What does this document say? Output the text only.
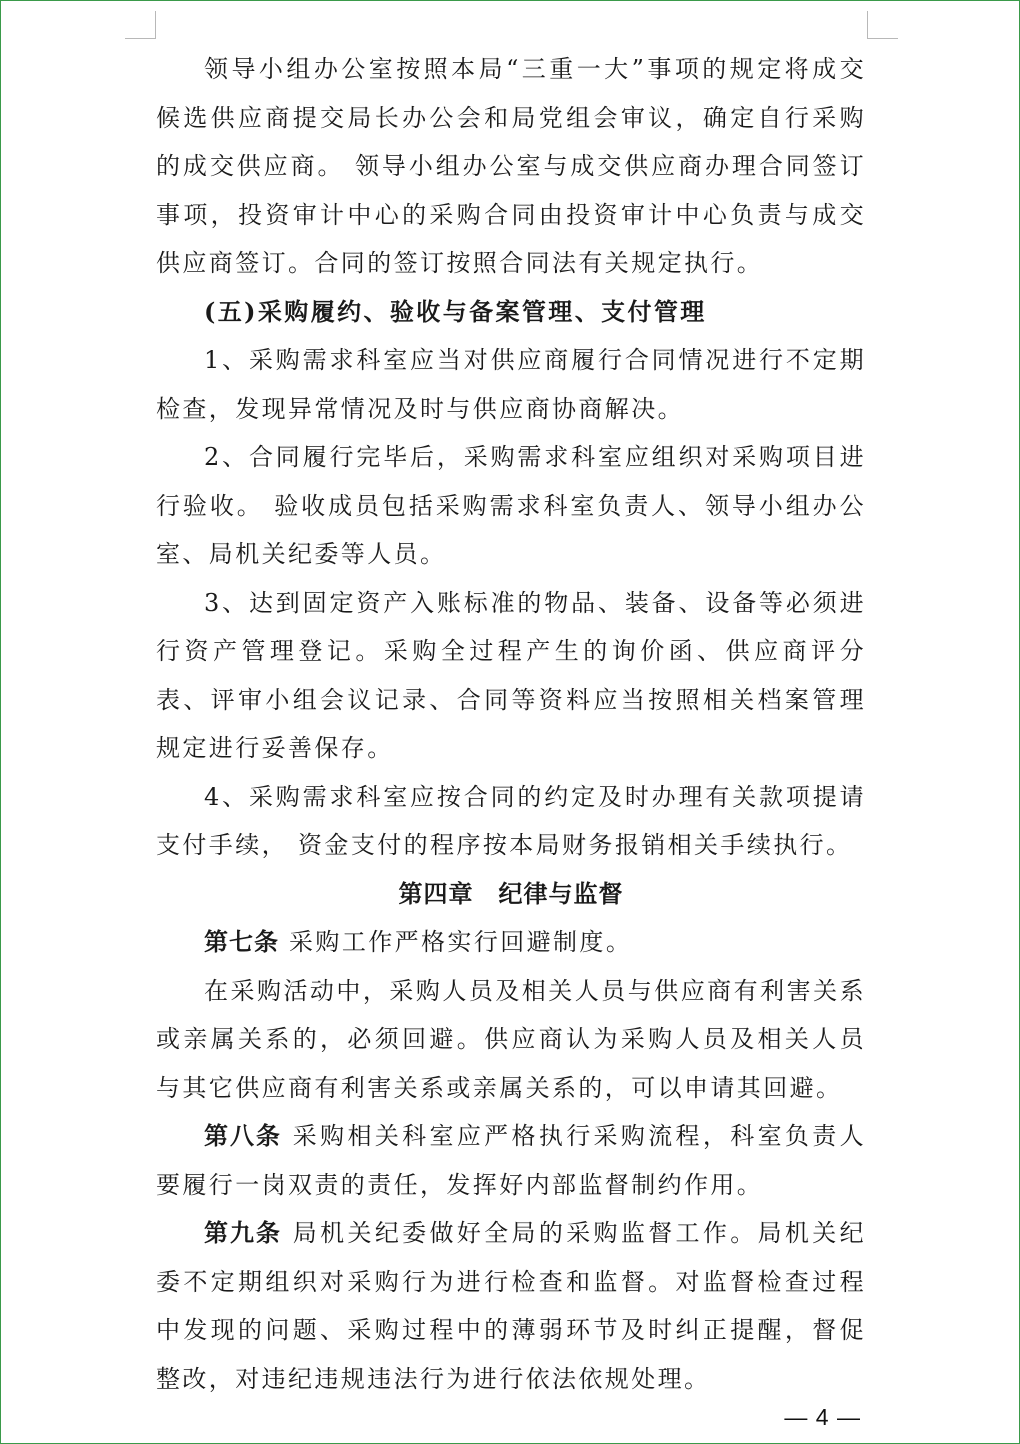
领导小组办公室按照本局“三重一大”事项的规定将成交候选供应商提交局长办公会和局党组会审议，确定自行采购的成交供应商。 领导小组办公室与成交供应商办理合同签订事项，投资审计中心的采购合同由投资审计中心负责与成交供应商签订。合同的签订按照合同法有关规定执行。

(五)采购履约、验收与备案管理、支付管理

1、采购需求科室应当对供应商履行合同情况进行不定期检查，发现异常情况及时与供应商协商解决。

2、合同履行完毕后，采购需求科室应组织对采购项目进行验收。 验收成员包括采购需求科室负责人、领导小组办公室、局机关纪委等人员。

3、达到固定资产入账标准的物品、装备、设备等必须进行资产管理登记。采购全过程产生的询价函、供应商评分表、评审小组会议记录、合同等资料应当按照相关档案管理规定进行妥善保存。

4、采购需求科室应按合同的约定及时办理有关款项提请支付手续， 资金支付的程序按本局财务报销相关手续执行。

第四章　纪律与监督

第七条 采购工作严格实行回避制度。

在采购活动中，采购人员及相关人员与供应商有利害关系或亲属关系的，必须回避。供应商认为采购人员及相关人员与其它供应商有利害关系或亲属关系的，可以申请其回避。

第八条 采购相关科室应严格执行采购流程，科室负责人要履行一岗双责的责任，发挥好内部监督制约作用。

第九条 局机关纪委做好全局的采购监督工作。局机关纪委不定期组织对采购行为进行检查和监督。对监督检查过程中发现的问题、采购过程中的薄弱环节及时纠正提醒，督促整改，对违纪违规违法行为进行依法依规处理。

— 4 —
